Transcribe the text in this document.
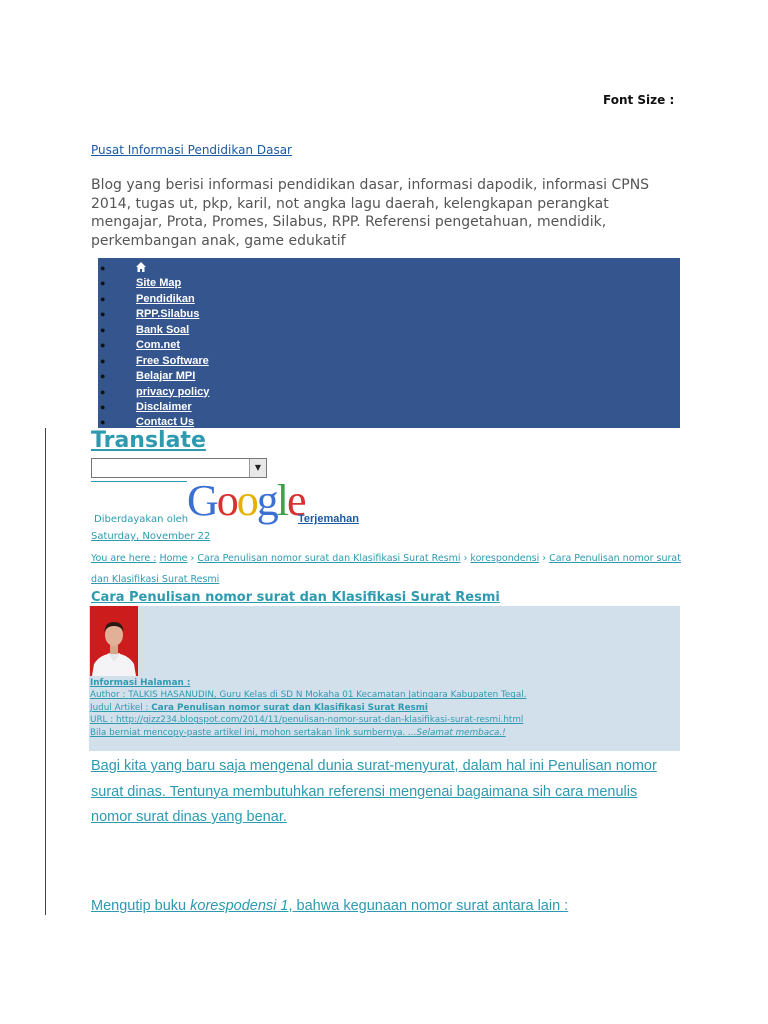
Font Size :
Pusat Informasi Pendidikan Dasar
Blog yang berisi informasi pendidikan dasar, informasi dapodik, informasi CPNS 2014, tugas ut, pkp, karil, not angka lagu daerah, kelengkapan perangkat mengajar, Prota, Promes, Silabus, RPP. Referensi pengetahuan, mendidik, perkembangan anak, game edukatif
●
●	Site Map
●	Pendidikan
●	RPP.Silabus
●	Bank Soal
●	Com.net
●	Free Software
●	Belajar MPI
●	privacy policy
●	Disclaimer
●	Contact Us
Translate
▼
Diberdayakan oleh
Google
Terjemahan
Saturday, November 22
You are here : Home › Cara Penulisan nomor surat dan Klasifikasi Surat Resmi › korespondensi › Cara Penulisan nomor surat dan Klasifikasi Surat Resmi
Cara Penulisan nomor surat dan Klasifikasi Surat Resmi
Informasi Halaman :
Author : TALKIS HASANUDIN, Guru Kelas di SD N Mokaha 01 Kecamatan Jatingara Kabupaten Tegal.
Judul Artikel : Cara Penulisan nomor surat dan Klasifikasi Surat Resmi
URL : http://gizz234.blogspot.com/2014/11/penulisan-nomor-surat-dan-klasifikasi-surat-resmi.html
Bila berniat mencopy-paste artikel ini, mohon sertakan link sumbernya. ...Selamat membaca.!
Bagi kita yang baru saja mengenal dunia surat-menyurat, dalam hal ini Penulisan nomor surat dinas. Tentunya membutuhkan referensi mengenai bagaimana sih cara menulis nomor surat dinas yang benar.
Mengutip buku korespodensi 1, bahwa kegunaan nomor surat antara lain :
